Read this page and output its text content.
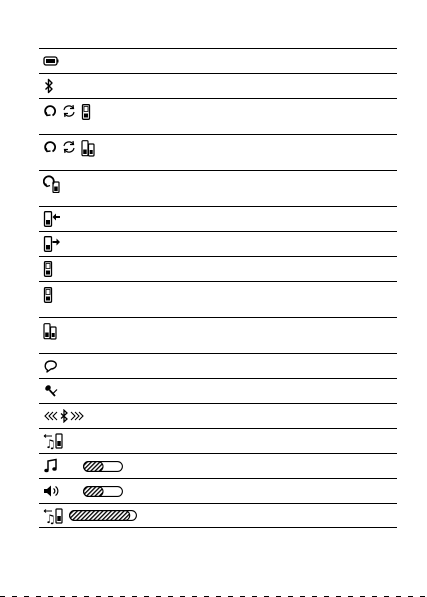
♫
♫
